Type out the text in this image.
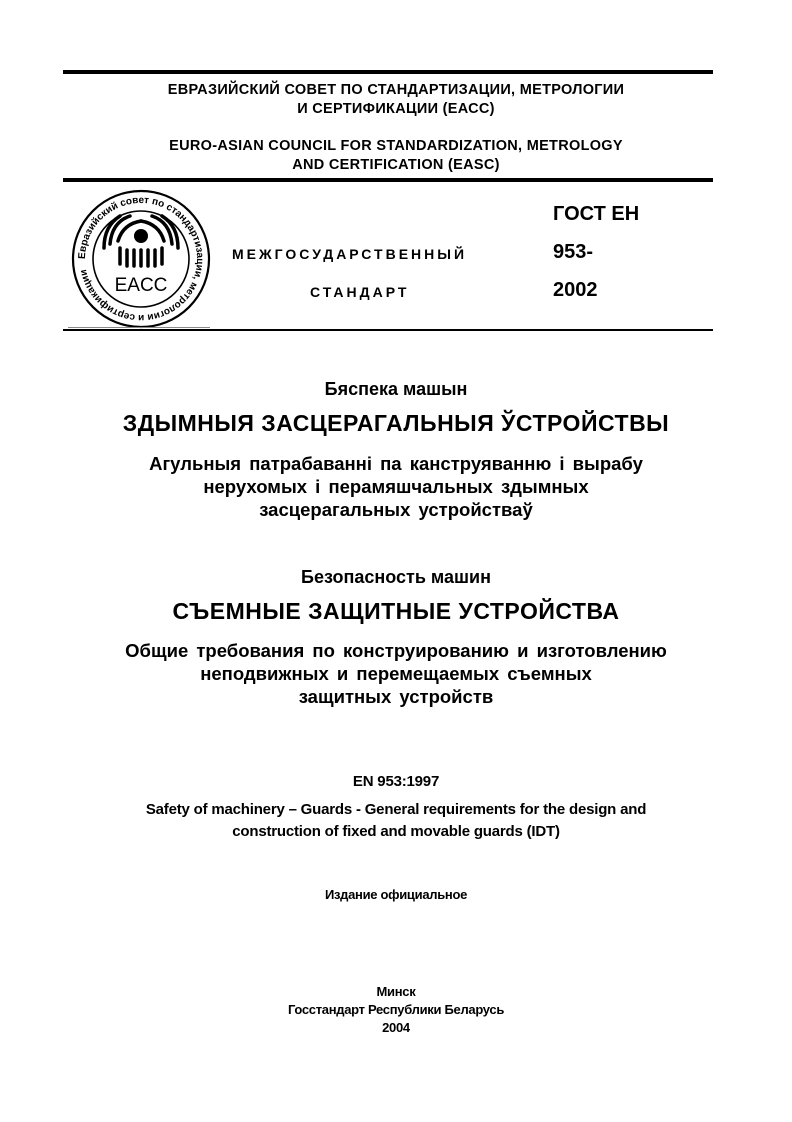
ЕВРАЗИЙСКИЙ СОВЕТ ПО СТАНДАРТИЗАЦИИ, МЕТРОЛОГИИ
И СЕРТИФИКАЦИИ (ЕАСС)
EURO-ASIAN COUNCIL FOR STANDARDIZATION, METROLOGY
AND CERTIFICATION (EASC)
Евразийский совет по стандартизации, метрологии и сертификации
EACC
МЕЖГОСУДАРСТВЕННЫЙ
СТАНДАРТ
ГОСТ ЕН
953-
2002
Бяспека машын
ЗДЫМНЫЯ ЗАСЦЕРАГАЛЬНЫЯ ЎСТРОЙСТВЫ
Агульныя патрабаванні па канструяванню і вырабу
нерухомых і перамяшчальных здымных
засцерагальных устройстваў
Безопасность машин
СЪЕМНЫЕ ЗАЩИТНЫЕ УСТРОЙСТВА
Общие требования по конструированию и изготовлению
неподвижных и перемещаемых съемных
защитных устройств
EN 953:1997
Safety of machinery – Guards - General requirements for the design and
construction of fixed and movable guards (IDT)
Издание официальное
Минск
Госстандарт Республики Беларусь
2004
